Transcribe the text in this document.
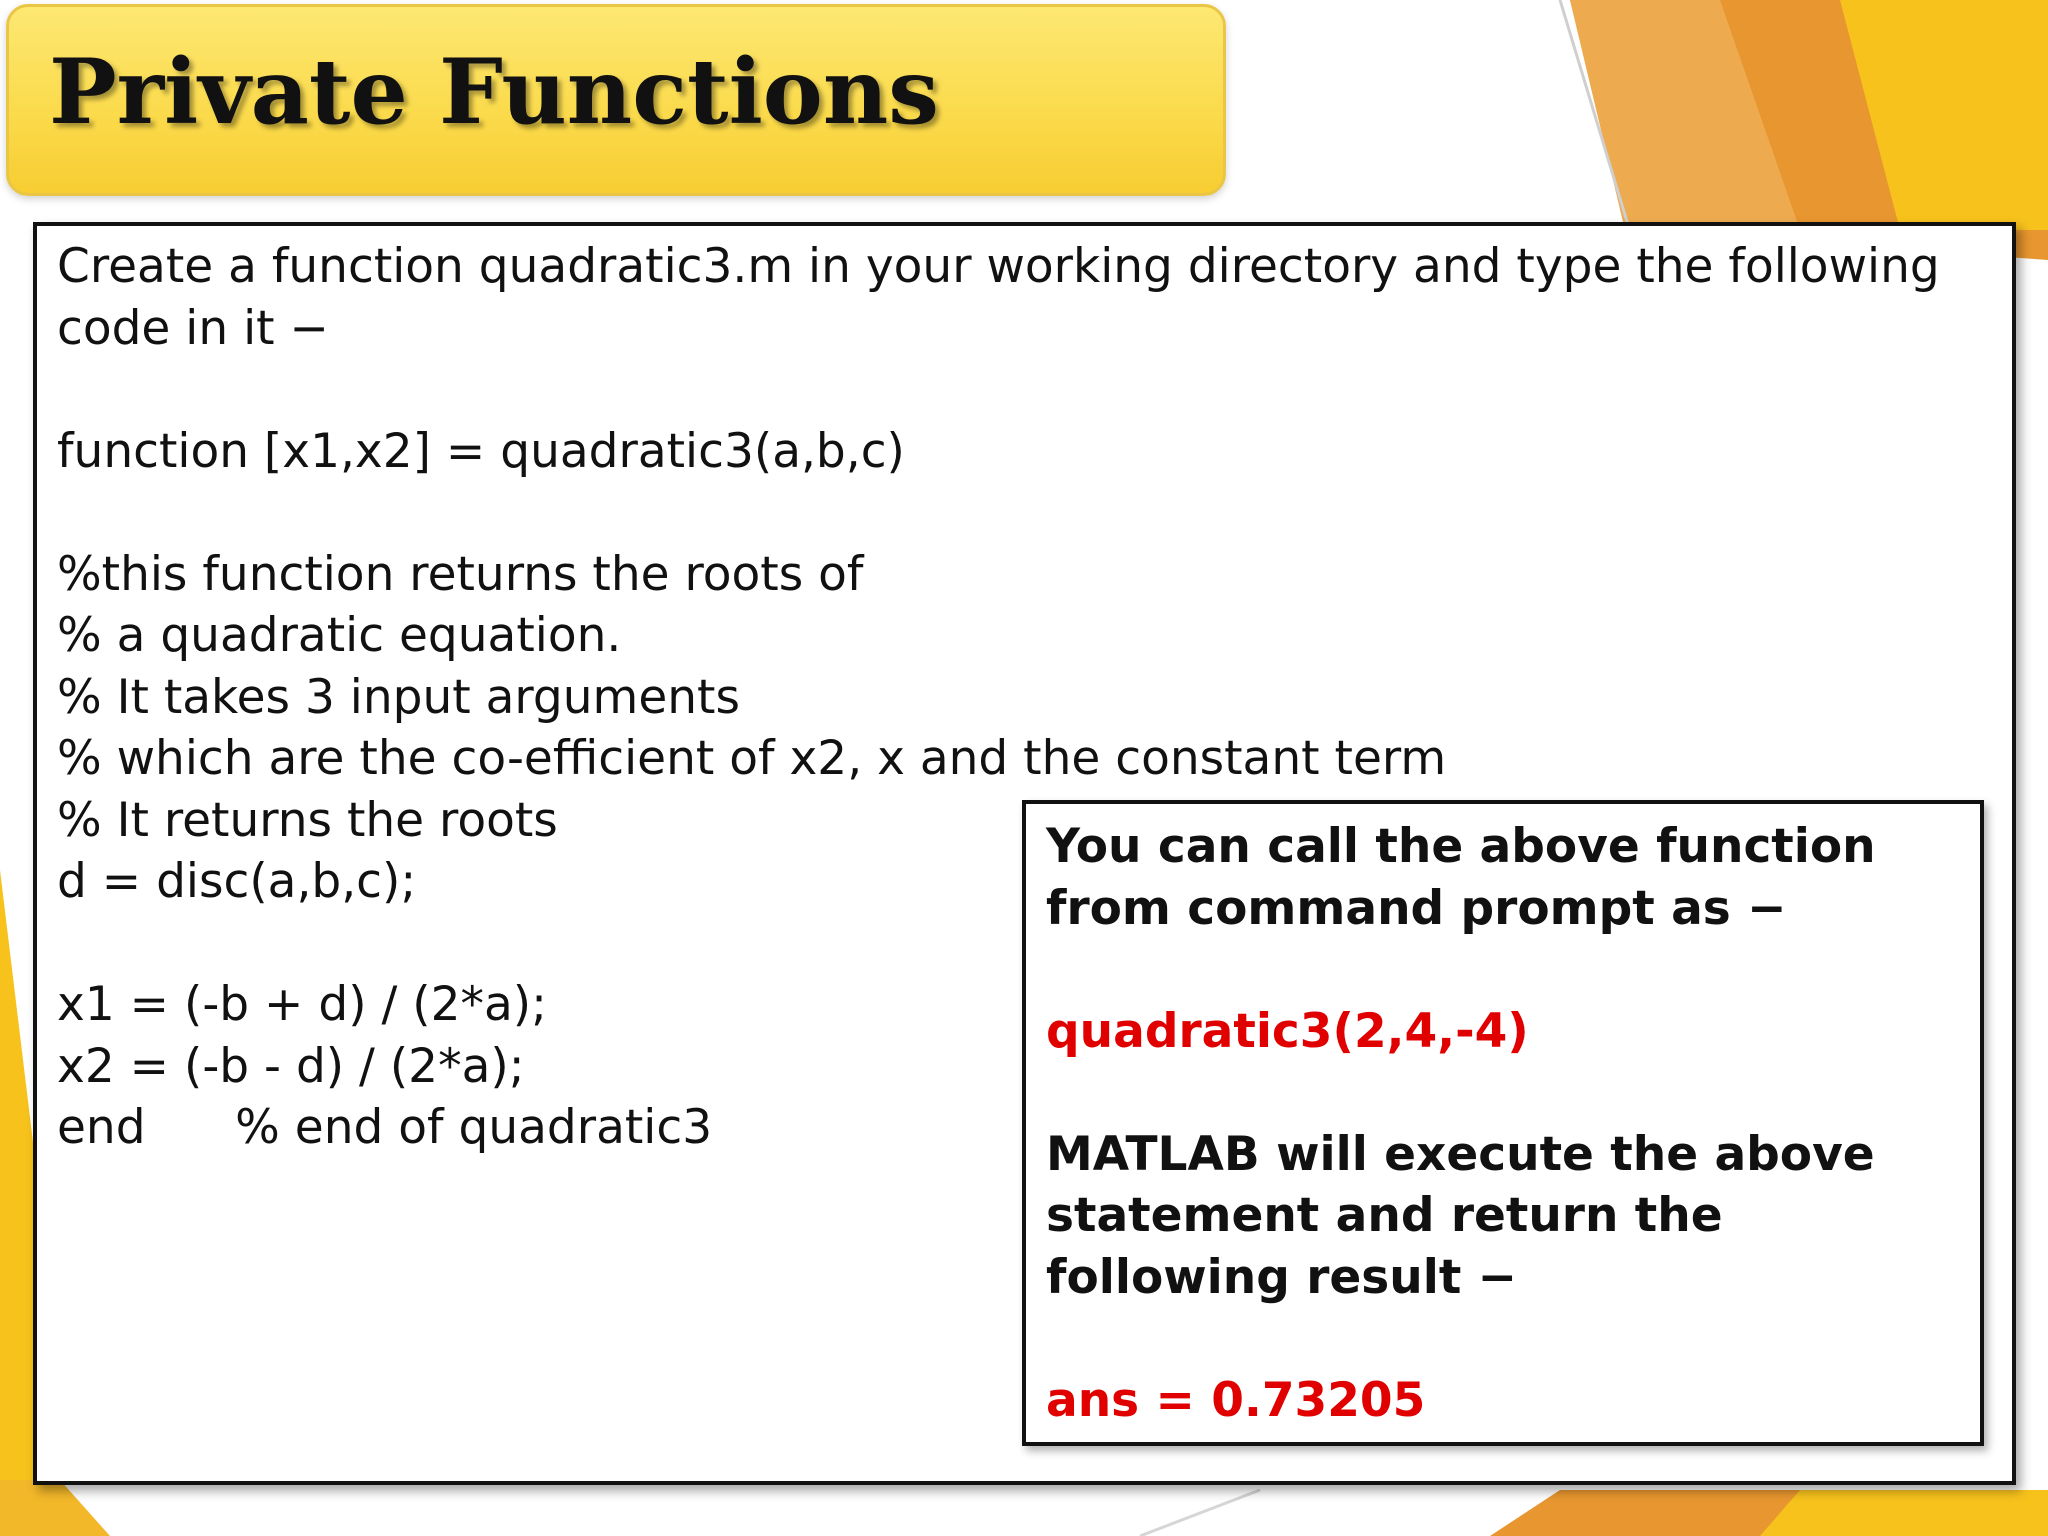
Private Functions
Create a function quadratic3.m in your working directory and type the following code in it −
function [x1,x2] = quadratic3(a,b,c)
%this function returns the roots of
% a quadratic equation.
% It takes 3 input arguments
% which are the co-efficient of x2, x and the constant term
% It returns the roots
d = disc(a,b,c);
x1 = (-b + d) / (2*a);
x2 = (-b - d) / (2*a);
end      % end of quadratic3
You can call the above function from command prompt as −
quadratic3(2,4,-4)
MATLAB will execute the above statement and return the following result −
ans = 0.73205
